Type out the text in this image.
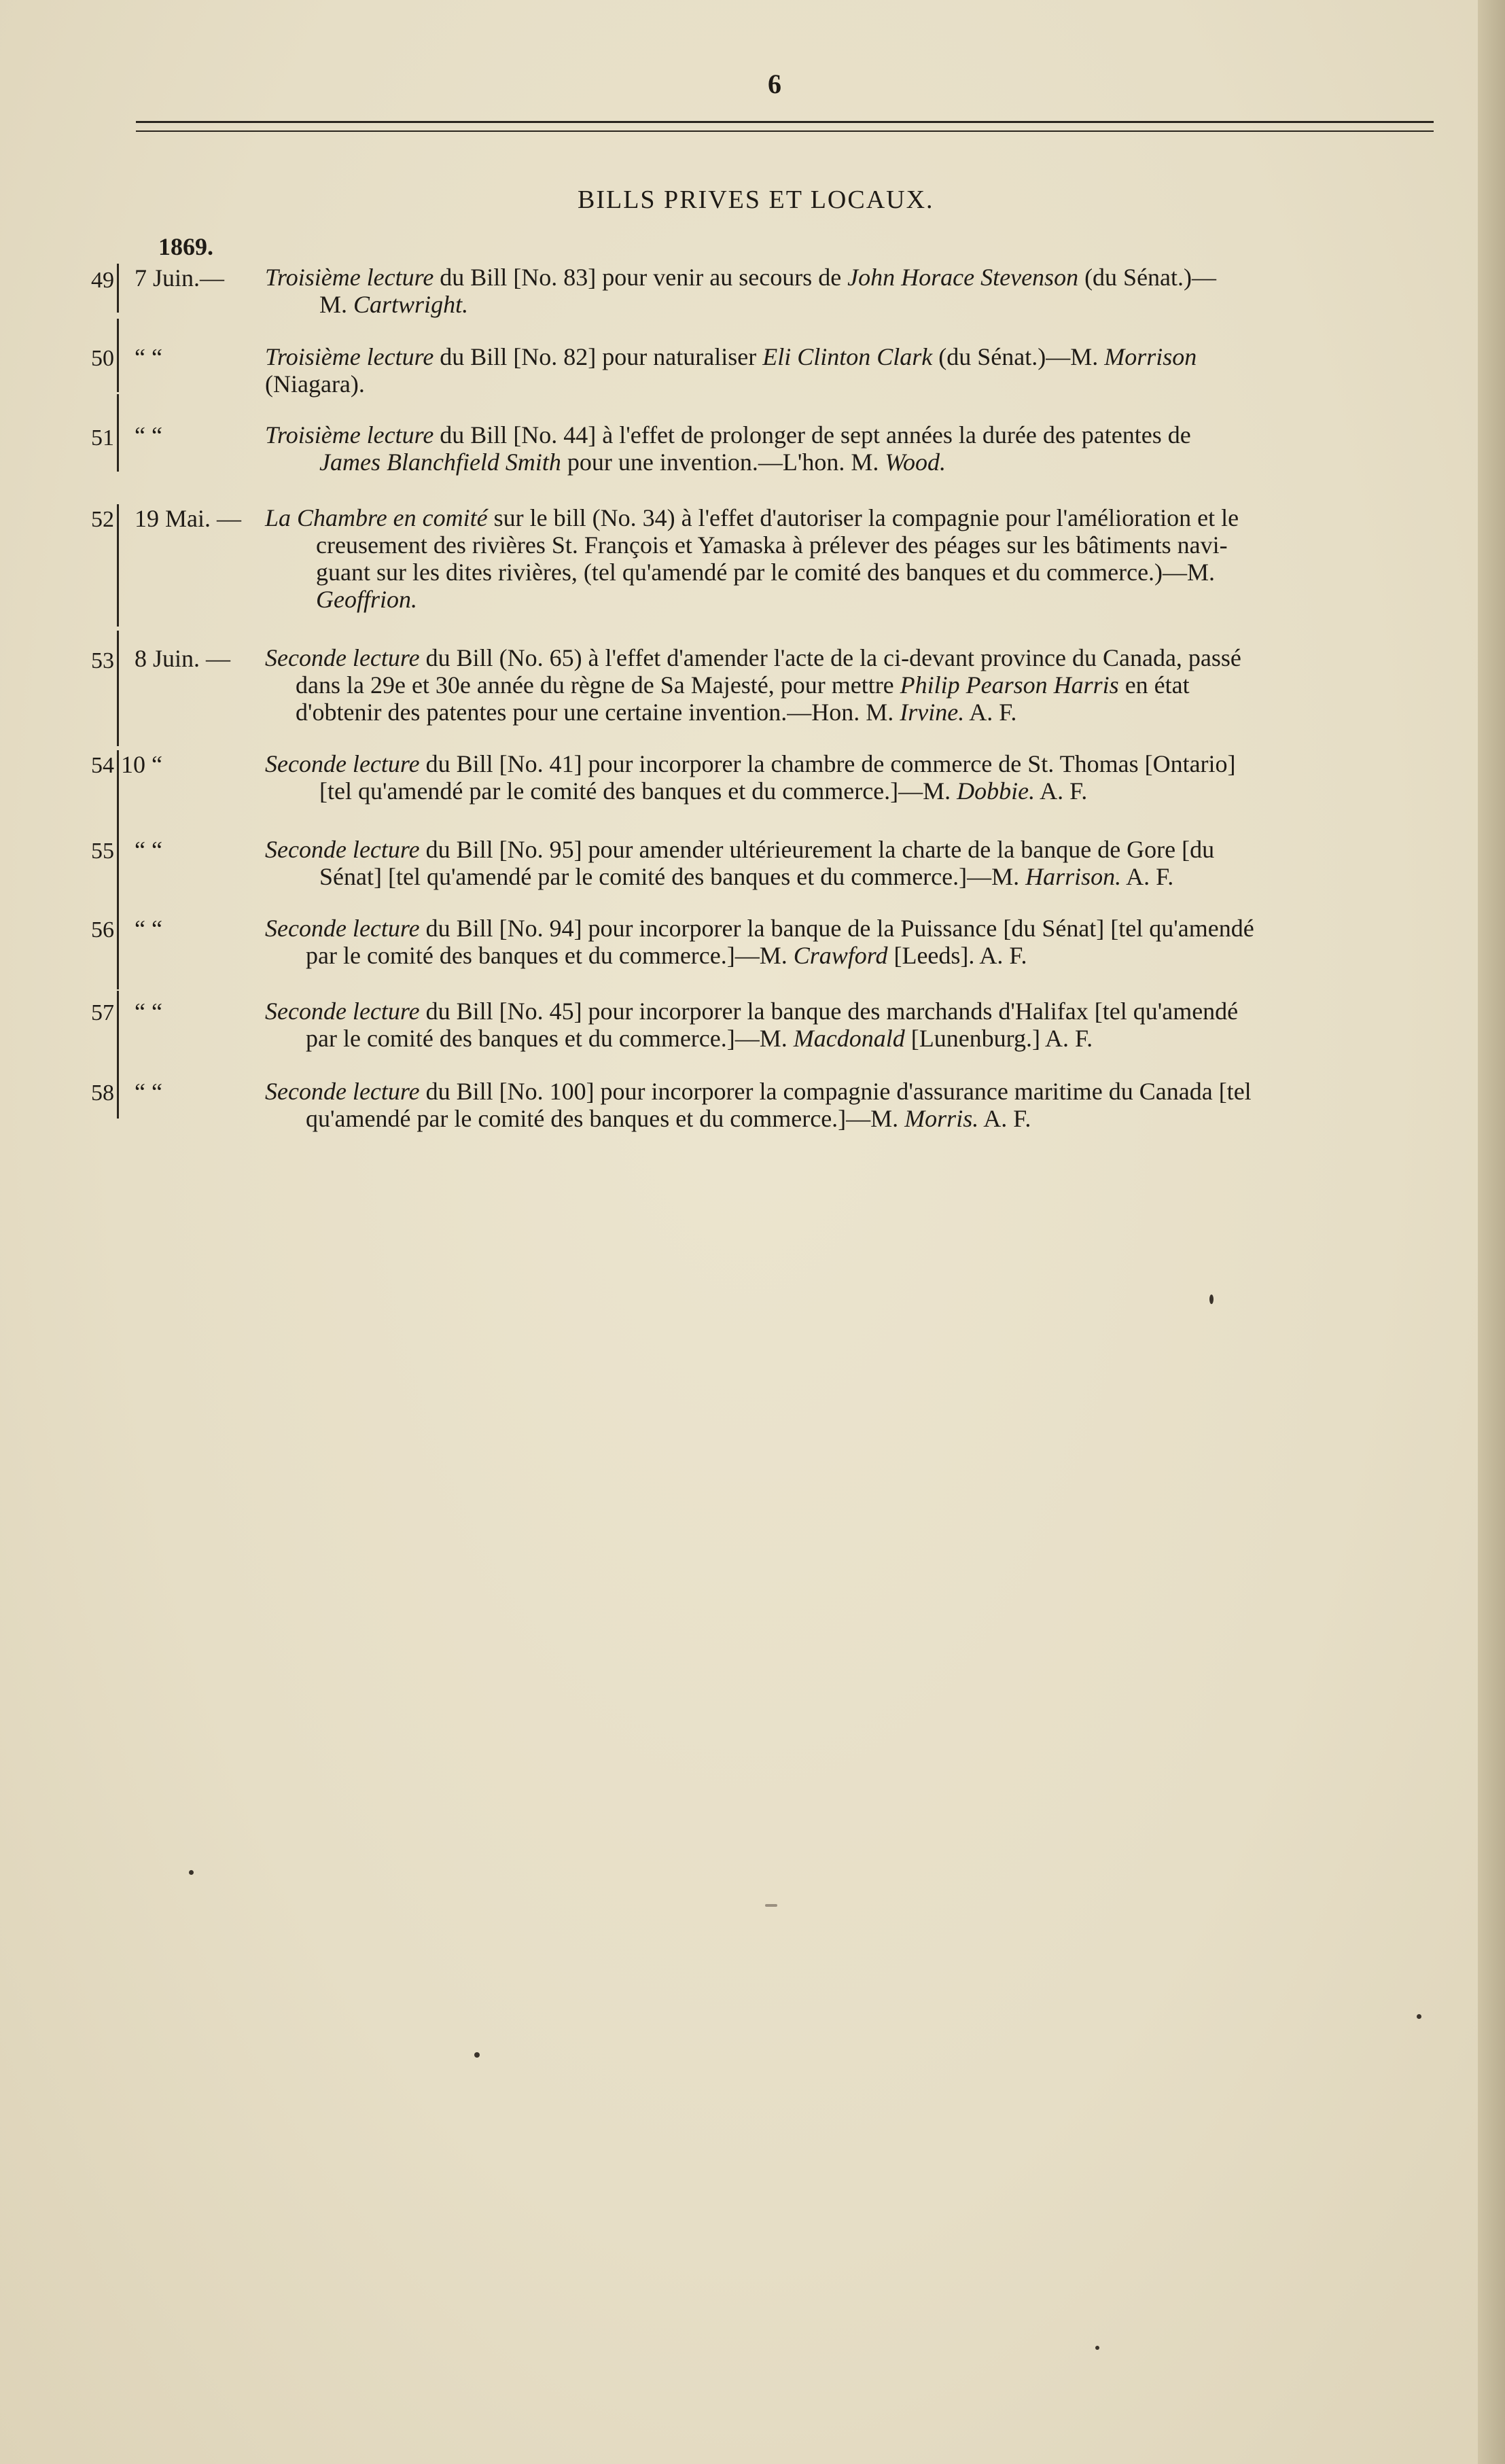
6
BILLS PRIVES ET LOCAUX.
1869.
49 7 Juin.— Troisième lecture du Bill [No. 83] pour venir au secours de John Horace Stevenson (du Sénat.)—
M. Cartwright.
50 “ “	Troisième lecture du Bill [No. 82] pour naturaliser Eli Clinton Clark (du Sénat.)—M. Morrison
(Niagara).
51 “ “	Troisième lecture du Bill [No. 44] à l'effet de prolonger de sept années la durée des patentes de
James Blanchfield Smith pour une invention.—L'hon. M. Wood.
52 19 Mai. — La Chambre en comité sur le bill (No. 34) à l'effet d'autoriser la compagnie pour l'amélioration et le
creusement des rivières St. François et Yamaska à prélever des péages sur les bâtiments navi-
guant sur les dites rivières, (tel qu'amendé par le comité des banques et du commerce.)—M.
Geoffrion.
53 8 Juin. — Seconde lecture du Bill (No. 65) à l'effet d'amender l'acte de la ci-devant province du Canada, passé
dans la 29e et 30e année du règne de Sa Majesté, pour mettre Philip Pearson Harris en état
d'obtenir des patentes pour une certaine invention.—Hon. M. Irvine. A. F.
54 10 “	Seconde lecture du Bill [No. 41] pour incorporer la chambre de commerce de St. Thomas [Ontario]
[tel qu'amendé par le comité des banques et du commerce.]—M. Dobbie. A. F.
55 “ “	Seconde lecture du Bill [No. 95] pour amender ultérieurement la charte de la banque de Gore [du
Sénat] [tel qu'amendé par le comité des banques et du commerce.]—M. Harrison. A. F.
56 “ “	Seconde lecture du Bill [No. 94] pour incorporer la banque de la Puissance [du Sénat] [tel qu'amendé
par le comité des banques et du commerce.]—M. Crawford [Leeds]. A. F.
57 “ “	Seconde lecture du Bill [No. 45] pour incorporer la banque des marchands d'Halifax [tel qu'amendé
par le comité des banques et du commerce.]—M. Macdonald [Lunenburg.] A. F.
58 “ “	Seconde lecture du Bill [No. 100] pour incorporer la compagnie d'assurance maritime du Canada [tel
qu'amendé par le comité des banques et du commerce.]—M. Morris. A. F.
